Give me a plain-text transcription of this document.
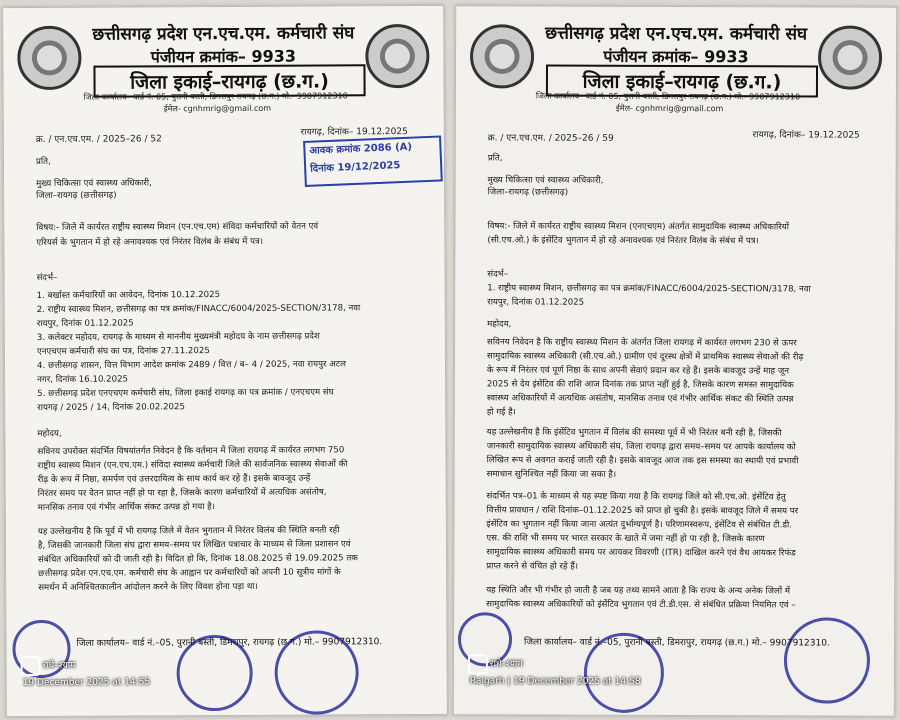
छत्तीसगढ़ प्रदेश एन.एच.एम. कर्मचारी संघ
पंजीयन क्रमांक– 9933
जिला इकाई–रायगढ़ (छ.ग.)
जिला कार्यालय– वार्ड नं. 05, पुरानी बस्ती, डिमरापुर रायगढ़ (छ.ग.) मो.- 9907912310
ईमेल- cgnhmrig@gmail.com
क्र. / एन.एच.एम. / 2025–26 / 52
रायगढ़, दिनांक– 19.12.2025
आवक क्रमांक 2086 (A)
दिनांक 19/12/2025
प्रति,
मुख्य चिकित्सा एवं स्वास्थ्य अधिकारी,
जिला–रायगढ़ (छत्तीसगढ़)
विषय:- जिले में कार्यरत राष्ट्रीय स्वास्थ्य मिशन (एन.एच.एम) संविदा कर्मचारियों को वेतन एवं
एरियर्स के भुगतान में हो रहे अनावश्यक एवं निरंतर विलंब के संबंध में पत्र।
संदर्भ–
1. बर्खास्त कर्मचारियों का आवेदन, दिनांक 10.12.2025
2. राष्ट्रीय स्वास्थ्य मिशन, छत्तीसगढ़ का पत्र क्रमांक/FINACC/6004/2025-SECTION/3178, नवा
रायपुर, दिनांक 01.12.2025
3. कलेक्टर महोदय, रायगढ़ के माध्यम से माननीय मुख्यमंत्री महोदय के नाम छत्तीसगढ़ प्रदेश
एनएचएम कर्मचारी संघ का पत्र, दिनांक 27.11.2025
4. छत्तीसगढ़ शासन, वित्त विभाग आदेश क्रमांक 2489 / वित्त / ब– 4 / 2025, नवा रायपुर अटल
नगर, दिनांक 16.10.2025
5. छत्तीसगढ़ प्रदेश एनएचएम कर्मचारी संघ, जिला इकाई रायगढ़ का पत्र क्रमांक / एनएचएम संघ
रायगढ़ / 2025 / 14, दिनांक 20.02.2025
महोदय,
सविनय उपरोक्त संदर्भित विषयांतर्गत निवेदन है कि वर्तमान में जिला रायगढ़ में कार्यरत लगभग 750
राष्ट्रीय स्वास्थ्य मिशन (एन.एच.एम.) संविदा स्वास्थ्य कर्मचारी जिले की सार्वजनिक स्वास्थ्य सेवाओं की
रीढ़ के रूप में निष्ठा, समर्पण एवं उत्तरदायित्व के साथ कार्य कर रहे हैं। इसके बावजूद उन्हें
निरंतर समय पर वेतन प्राप्त नहीं हो पा रहा है, जिसके कारण कर्मचारियों में अत्यधिक असंतोष,
मानसिक तनाव एवं गंभीर आर्थिक संकट उत्पन्न हो गया है।
यह उल्लेखनीय है कि पूर्व में भी रायगढ़ जिले में वेतन भुगतान में निरंतर विलंब की स्थिति बनती रही
है, जिसकी जानकारी जिला संघ द्वारा समय–समय पर लिखित पत्राचार के माध्यम से जिला प्रशासन एवं
संबंधित अधिकारियों को दी जाती रही है। विदित हो कि, दिनांक 18.08.2025 से 19.09.2025 तक
छत्तीसगढ़ प्रदेश एन.एच.एम. कर्मचारी संघ के आह्वान पर कर्मचारियों को अपनी 10 सूत्रीय मांगों के
समर्थन में अनिश्चितकालीन आंदोलन करने के लिए विवश होना पड़ा था।
जिला कार्यालय– वार्ड नं.–05, पुरानी बस्ती, डिमरापुर, रायगढ़ (छ.ग.) मो.– 9907912310.
राधे–श्याम
19 December 2025 at 14:55
छत्तीसगढ़ प्रदेश एन.एच.एम. कर्मचारी संघ
पंजीयन क्रमांक– 9933
जिला इकाई–रायगढ़ (छ.ग.)
जिला कार्यालय– वार्ड नं. 05, पुरानी बस्ती, डिमरापुर रायगढ़ (छ.ग.) मो.- 9907912310
ईमेल- cgnhmrig@gmail.com
क्र. / एन.एच.एम. / 2025–26 / 59	रायगढ़, दिनांक– 19.12.2025
प्रति,
मुख्य चिकित्सा एवं स्वास्थ्य अधिकारी,
जिला–रायगढ़ (छत्तीसगढ़)
विषय:- जिले में कार्यरत राष्ट्रीय स्वास्थ्य मिशन (एनएचएम) अंतर्गत सामुदायिक स्वास्थ्य अधिकारियों
(सी.एच.ओ.) के इंसेंटिव भुगतान में हो रहे अनावश्यक एवं निरंतर विलंब के संबंध में पत्र।
संदर्भ–
1. राष्ट्रीय स्वास्थ्य मिशन, छत्तीसगढ़ का पत्र क्रमांक/FINACC/6004/2025-SECTION/3178, नवा
रायपुर, दिनांक 01.12.2025
महोदय,
सविनय निवेदन है कि राष्ट्रीय स्वास्थ्य मिशन के अंतर्गत जिला रायगढ़ में कार्यरत लगभग 230 से ऊपर
सामुदायिक स्वास्थ्य अधिकारी (सी.एच.ओ.) ग्रामीण एवं दूरस्थ क्षेत्रों में प्राथमिक स्वास्थ्य सेवाओं की रीढ़
के रूप में निरंतर एवं पूर्ण निष्ठा के साथ अपनी सेवाएं प्रदान कर रहे हैं। इसके बावजूद उन्हें माह जून
2025 से देय इंसेंटिव की राशि आज दिनांक तक प्राप्त नहीं हुई है, जिसके कारण समस्त सामुदायिक
स्वास्थ्य अधिकारियों में अत्यधिक असंतोष, मानसिक तनाव एवं गंभीर आर्थिक संकट की स्थिति उत्पन्न
हो गई है।
यह उल्लेखनीय है कि इंसेंटिव भुगतान में विलंब की समस्या पूर्व में भी निरंतर बनी रही है, जिसकी
जानकारी सामुदायिक स्वास्थ्य अधिकारी संघ, जिला रायगढ़ द्वारा समय–समय पर आपके कार्यालय को
लिखित रूप से अवगत कराई जाती रही है। इसके बावजूद आज तक इस समस्या का स्थायी एवं प्रभावी
समाधान सुनिश्चित नहीं किया जा सका है।
संदर्भित पत्र–01 के माध्यम से यह स्पष्ट किया गया है कि रायगढ़ जिले को सी.एच.ओ. इंसेंटिव हेतु
वित्तीय प्रावधान / राशि दिनांक–01.12.2025 को प्राप्त हो चुकी है। इसके बावजूद जिले में समय पर
इंसेंटिव का भुगतान नहीं किया जाना अत्यंत दुर्भाग्यपूर्ण है। परिणामस्वरूप, इंसेंटिव से संबंधित टी.डी.
एस. की राशि भी समय पर भारत सरकार के खाते में जमा नहीं हो पा रही है, जिसके कारण
सामुदायिक स्वास्थ्य अधिकारी समय पर आयकर विवरणी (ITR) दाखिल करने एवं वैध आयकर रिफंड
प्राप्त करने से वंचित हो रहे हैं।
यह स्थिति और भी गंभीर हो जाती है जब यह तथ्य सामने आता है कि राज्य के अन्य अनेक जिलों में
सामुदायिक स्वास्थ्य अधिकारियों को इंसेंटिव भुगतान एवं टी.डी.एस. से संबंधित प्रक्रिया नियमित एवं –
जिला कार्यालय– वार्ड नं.–05, पुरानी बस्ती, डिमरापुर, रायगढ़ (छ.ग.) मो.– 9907912310.
राधे–श्याम
Raigarh | 19 December 2025 at 14:58
